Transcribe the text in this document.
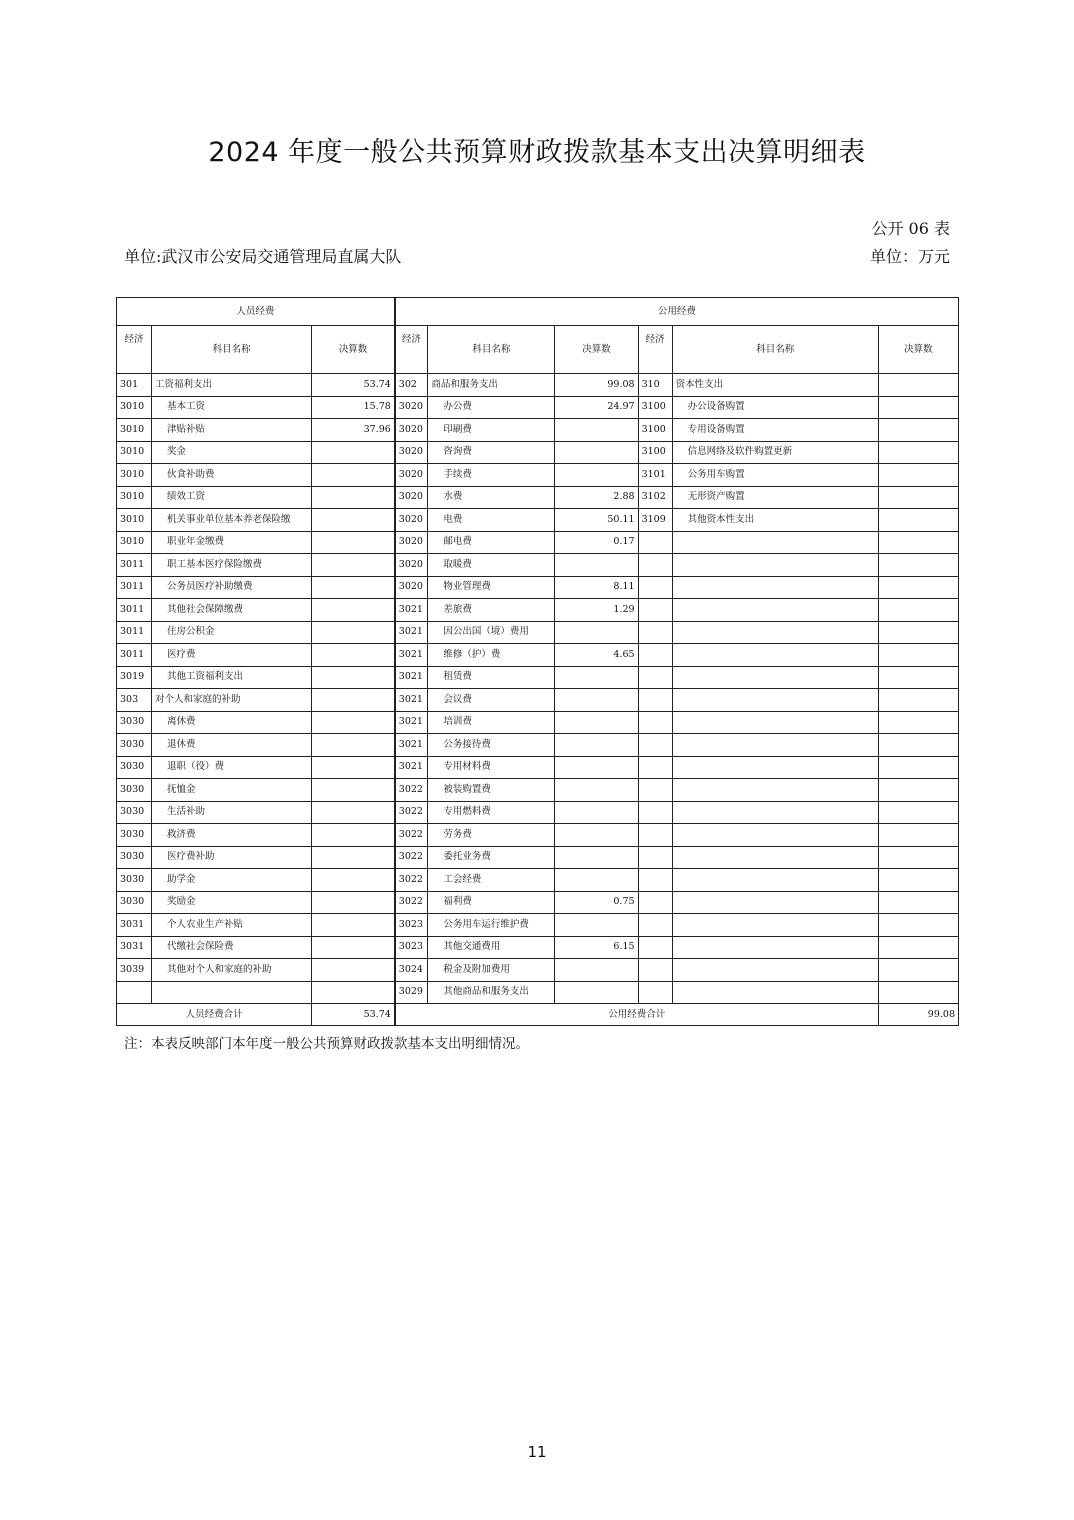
2024 年度一般公共预算财政拨款基本支出决算明细表
公开 06 表
单位:武汉市公安局交通管理局直属大队	单位：万元
人员经费			公用经费					
经济	科目名称	决算数	经济	科目名称	决算数	经济	科目名称	决算数
301	工资福利支出	53.74	302	商品和服务支出	99.08	310	资本性支出	
3010	基本工资	15.78	3020	办公费	24.97	3100	办公设备购置	
3010	津贴补贴	37.96	3020	印刷费		3100	专用设备购置	
3010	奖金		3020	咨询费		3100	信息网络及软件购置更新	
3010	伙食补助费		3020	手续费		3101	公务用车购置	
3010	绩效工资		3020	水费	2.88	3102	无形资产购置	
3010	机关事业单位基本养老保险缴		3020	电费	50.11	3109	其他资本性支出	
3010	职业年金缴费		3020	邮电费	0.17			
3011	职工基本医疗保险缴费		3020	取暖费				
3011	公务员医疗补助缴费		3020	物业管理费	8.11			
3011	其他社会保障缴费		3021	差旅费	1.29			
3011	住房公积金		3021	因公出国（境）费用				
3011	医疗费		3021	维修（护）费	4.65			
3019	其他工资福利支出		3021	租赁费				
303	对个人和家庭的补助		3021	会议费				
3030	离休费		3021	培训费				
3030	退休费		3021	公务接待费				
3030	退职（役）费		3021	专用材料费				
3030	抚恤金		3022	被装购置费				
3030	生活补助		3022	专用燃料费				
3030	救济费		3022	劳务费				
3030	医疗费补助		3022	委托业务费				
3030	助学金		3022	工会经费				
3030	奖励金		3022	福利费	0.75			
3031	个人农业生产补贴		3023	公务用车运行维护费				
3031	代缴社会保险费		3023	其他交通费用	6.15			
3039	其他对个人和家庭的补助		3024	税金及附加费用				
			3029	其他商品和服务支出				
人员经费合计		53.74	公用经费合计					99.08
注：本表反映部门本年度一般公共预算财政拨款基本支出明细情况。
11
